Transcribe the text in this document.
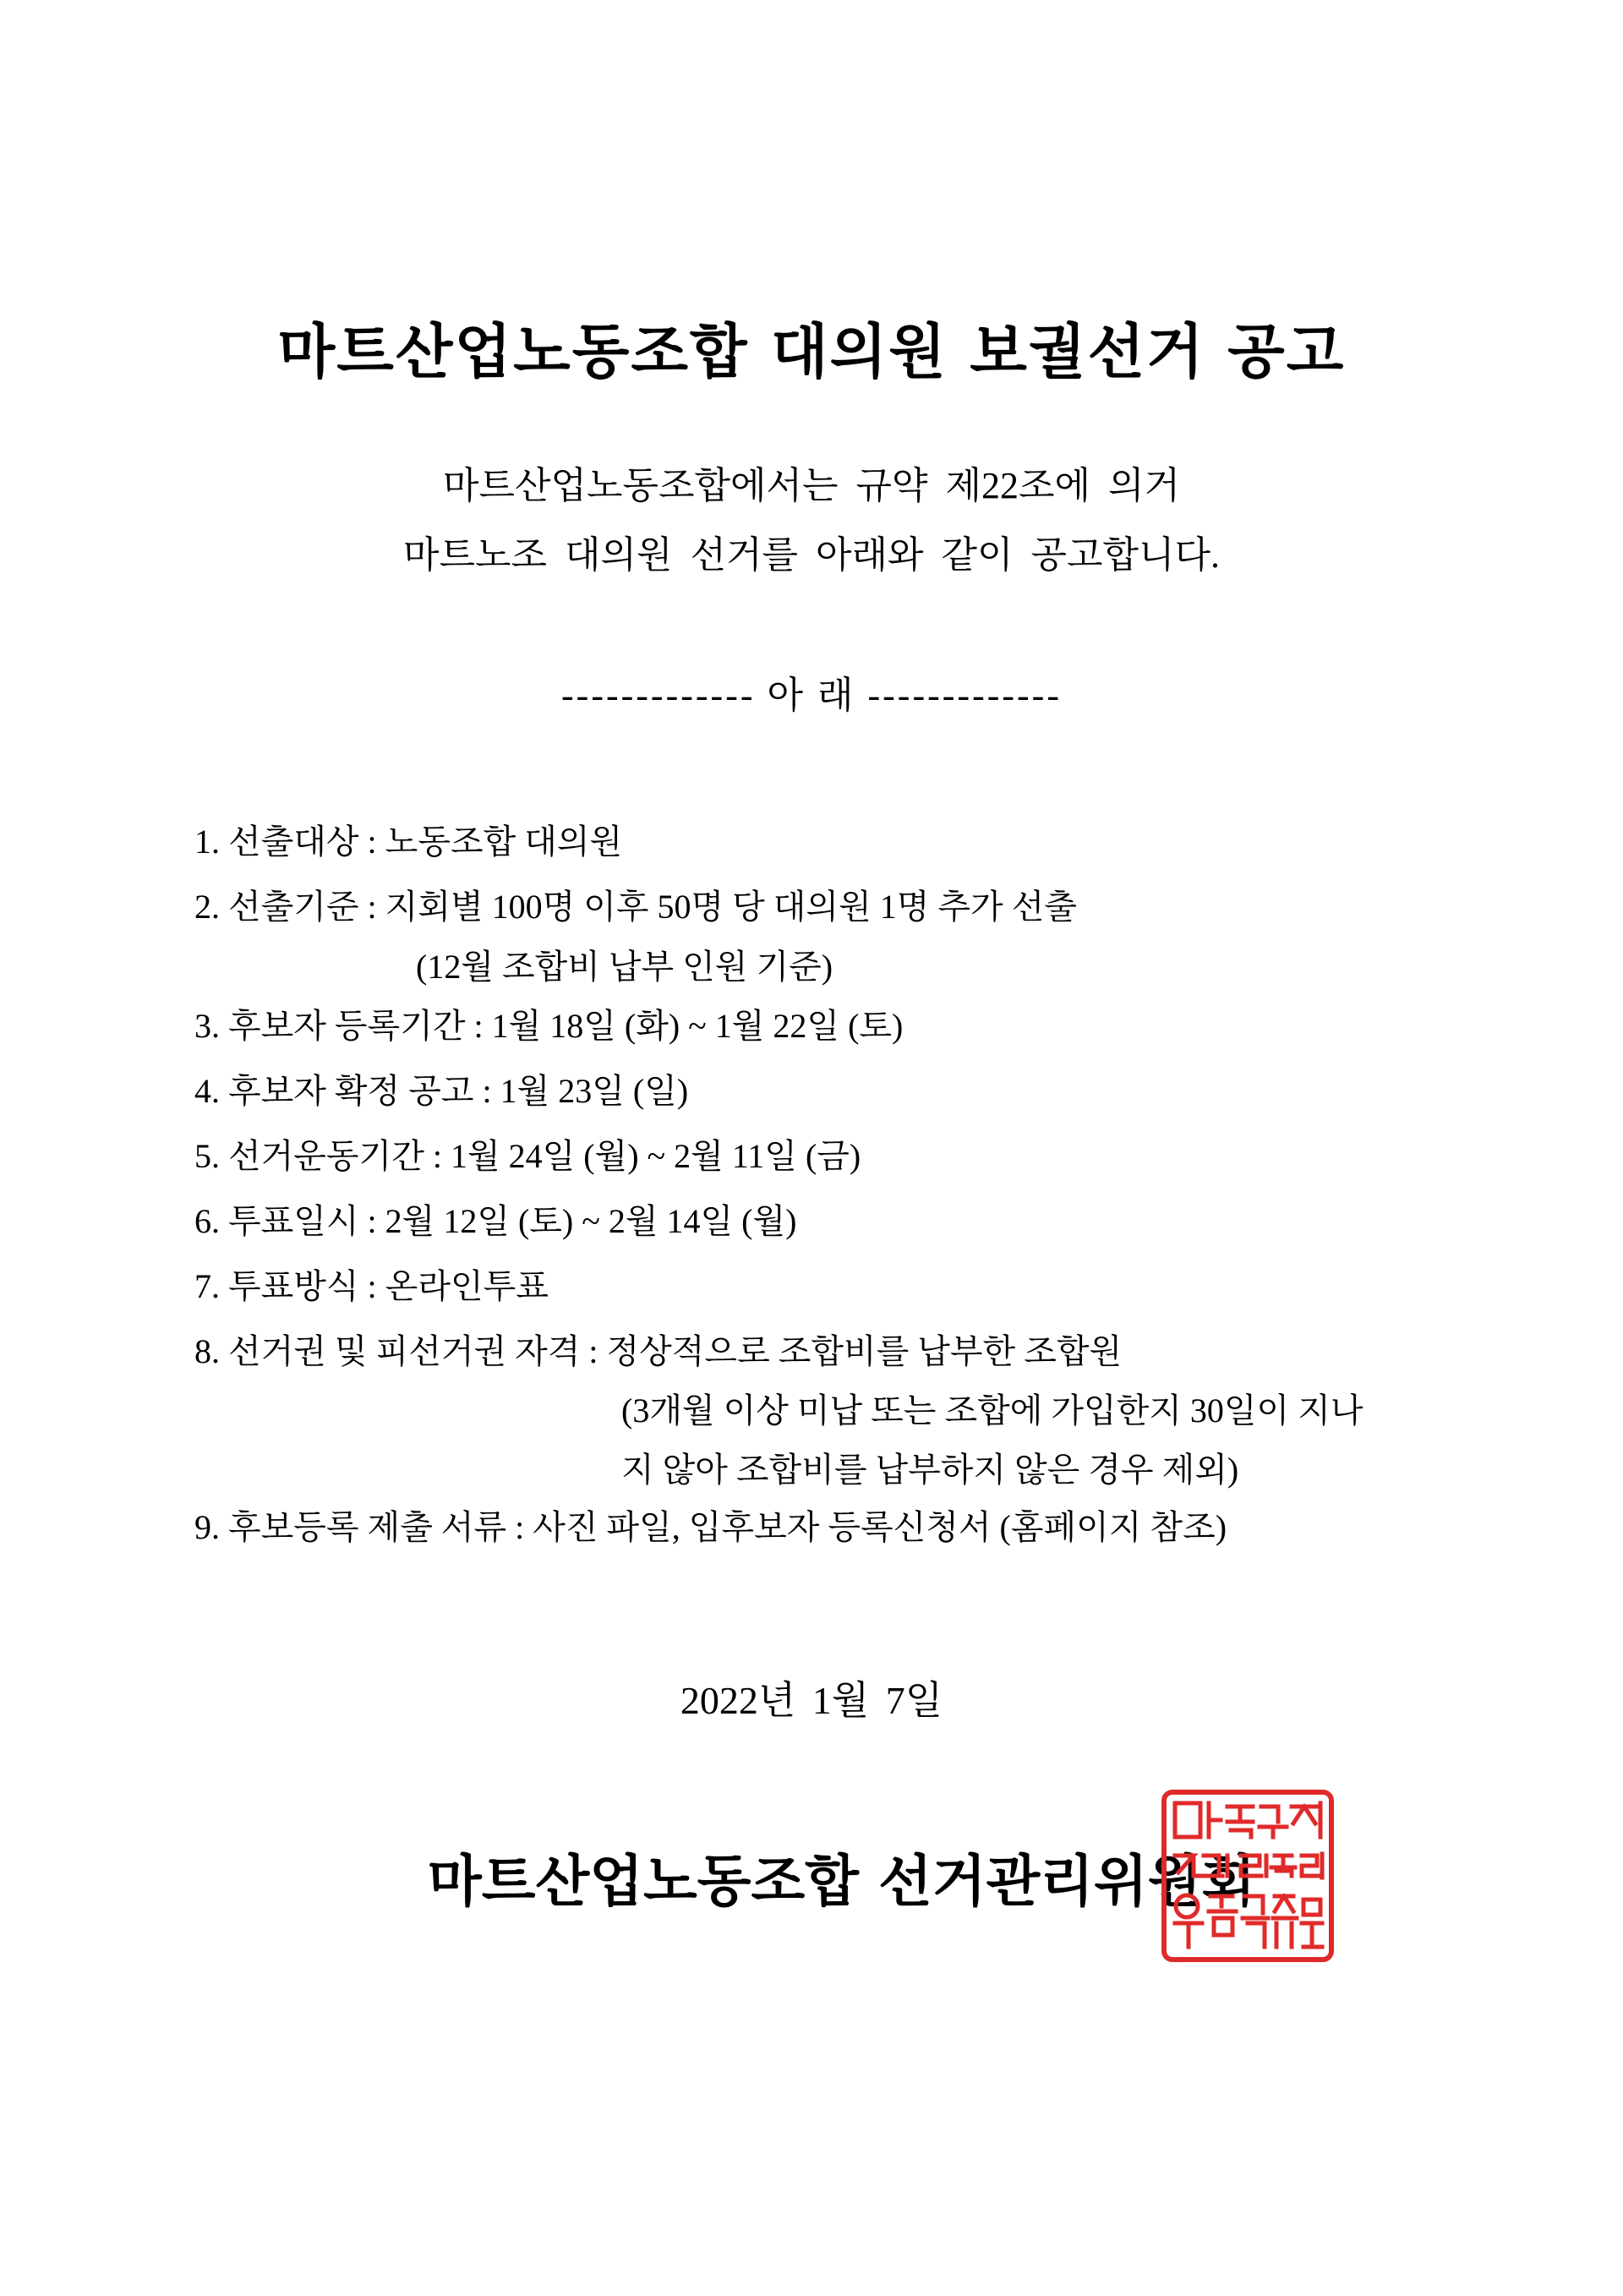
마트산업노동조합 대의원 보궐선거 공고
마트산업노동조합에서는 규약 제22조에 의거
마트노조 대의원 선거를 아래와 같이 공고합니다.
------------- 아 래 -------------
1. 선출대상 : 노동조합 대의원
2. 선출기준 : 지회별 100명 이후 50명 당 대의원 1명 추가 선출
(12월 조합비 납부 인원 기준)
3. 후보자 등록기간 : 1월 18일 (화) ~ 1월 22일 (토)
4. 후보자 확정 공고 : 1월 23일 (일)
5. 선거운동기간 : 1월 24일 (월) ~ 2월 11일 (금)
6. 투표일시 : 2월 12일 (토) ~ 2월 14일 (월)
7. 투표방식 : 온라인투표
8. 선거권 및 피선거권 자격 : 정상적으로 조합비를 납부한 조합원
(3개월 이상 미납 또는 조합에 가입한지 30일이 지나
지 않아 조합비를 납부하지 않은 경우 제외)
9. 후보등록 제출 서류 : 사진 파일, 입후보자 등록신청서 (홈페이지 참조)
2022년 1월 7일
마트산업노동조합 선거관리위원회
마트노조 선거관리 위원장인
